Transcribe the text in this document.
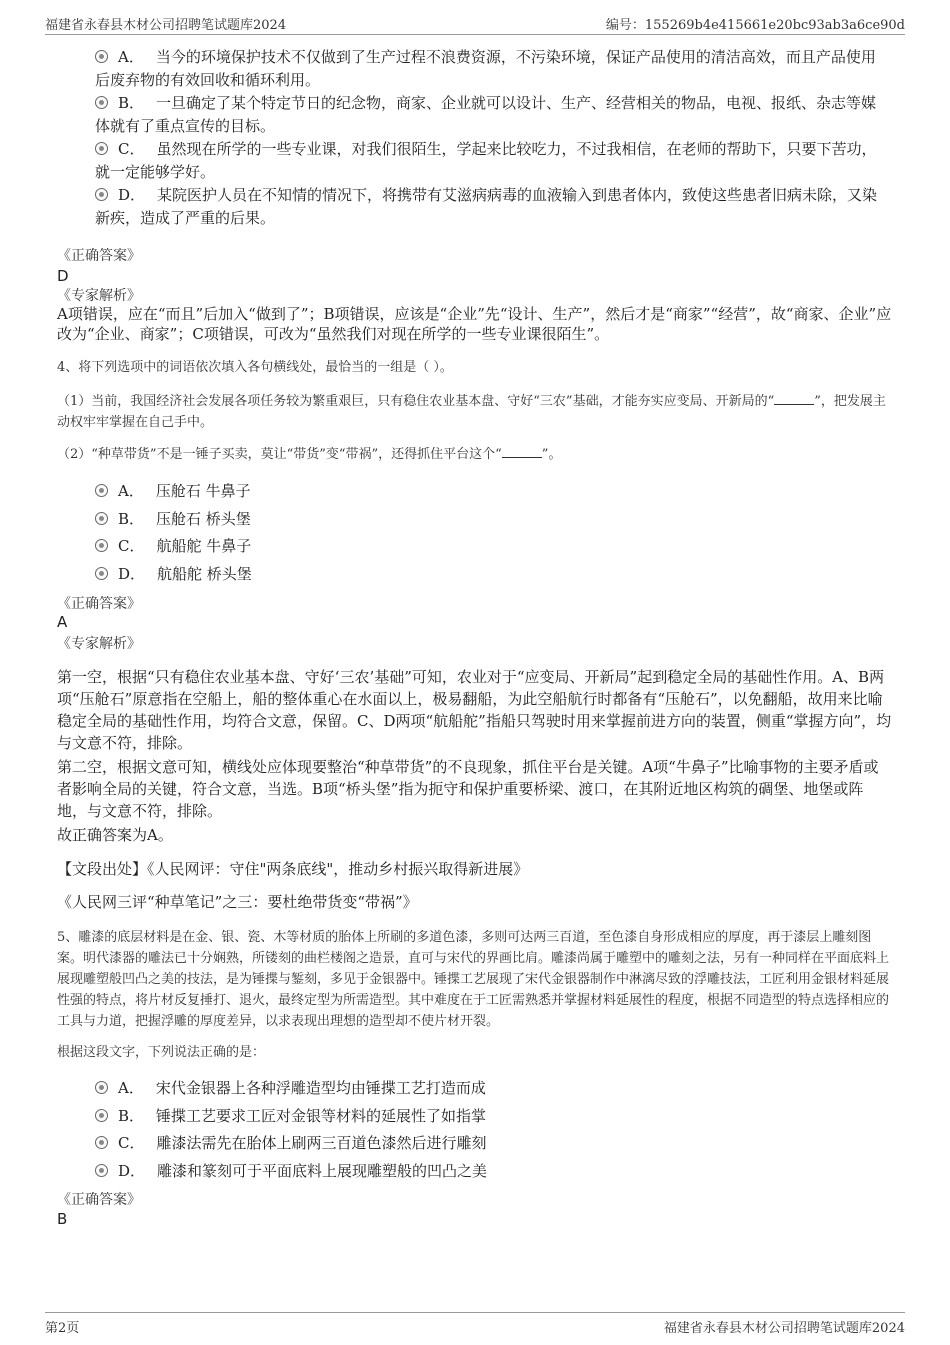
福建省永春县木材公司招聘笔试题库2024	编号：155269b4e415661e20bc93ab3a6ce90d
A． 当今的环境保护技术不仅做到了生产过程不浪费资源，不污染环境，保证产品使用的清洁高效，而且产品使用后废弃物的有效回收和循环利用。
B． 一旦确定了某个特定节日的纪念物，商家、企业就可以设计、生产、经营相关的物品，电视、报纸、杂志等媒体就有了重点宣传的目标。
C． 虽然现在所学的一些专业课，对我们很陌生，学起来比较吃力，不过我相信，在老师的帮助下，只要下苦功，就一定能够学好。
D． 某院医护人员在不知情的情况下，将携带有艾滋病病毒的血液输入到患者体内，致使这些患者旧病未除，又染新疾，造成了严重的后果。
《正确答案》
D
《专家解析》
A项错误，应在“而且”后加入“做到了”；B项错误，应该是“企业”先“设计、生产”，然后才是“商家”“经营”，故“商家、企业”应改为“企业、商家”；C项错误，可改为“虽然我们对现在所学的一些专业课很陌生”。
4、将下列选项中的词语依次填入各句横线处，最恰当的一组是（ ）。
（1）当前，我国经济社会发展各项任务较为繁重艰巨，只有稳住农业基本盘、守好“三农”基础，才能夯实应变局、开新局的“	”，把发展主动权牢牢掌握在自己手中。
（2）“种草带货”不是一锤子买卖，莫让“带货”变“带祸”，还得抓住平台这个“	”。
A． 压舱石 牛鼻子
B． 压舱石 桥头堡
C． 航船舵 牛鼻子
D． 航船舵 桥头堡
《正确答案》
A
《专家解析》
第一空，根据“只有稳住农业基本盘、守好‘三农’基础”可知，农业对于“应变局、开新局”起到稳定全局的基础性作用。A、B两项“压舱石”原意指在空船上，船的整体重心在水面以上，极易翻船，为此空船航行时都备有“压舱石”，以免翻船，故用来比喻稳定全局的基础性作用，均符合文意，保留。C、D两项“航船舵”指船只驾驶时用来掌握前进方向的装置，侧重“掌握方向”，均与文意不符，排除。
第二空，根据文意可知，横线处应体现要整治“种草带货”的不良现象，抓住平台是关键。A项“牛鼻子”比喻事物的主要矛盾或者影响全局的关键，符合文意，当选。B项“桥头堡”指为扼守和保护重要桥梁、渡口，在其附近地区构筑的碉堡、地堡或阵地，与文意不符，排除。
故正确答案为A。
【文段出处】《人民网评：守住"两条底线"，推动乡村振兴取得新进展》
《人民网三评“种草笔记”之三：要杜绝带货变“带祸”》
5、雕漆的底层材料是在金、银、瓷、木等材质的胎体上所刷的多道色漆，多则可达两三百道，至色漆自身形成相应的厚度，再于漆层上雕刻图案。明代漆器的雕法已十分娴熟，所镂刻的曲栏楼阁之造景，直可与宋代的界画比肩。雕漆尚属于雕塑中的雕刻之法，另有一种同样在平面底料上展现雕塑般凹凸之美的技法，是为锤揲与錾刻，多见于金银器中。锤揲工艺展现了宋代金银器制作中淋漓尽致的浮雕技法，工匠利用金银材料延展性强的特点，将片材反复捶打、退火，最终定型为所需造型。其中难度在于工匠需熟悉并掌握材料延展性的程度，根据不同造型的特点选择相应的工具与力道，把握浮雕的厚度差异，以求表现出理想的造型却不使片材开裂。
根据这段文字，下列说法正确的是：
A． 宋代金银器上各种浮雕造型均由锤揲工艺打造而成
B． 锤揲工艺要求工匠对金银等材料的延展性了如指掌
C． 雕漆法需先在胎体上刷两三百道色漆然后进行雕刻
D． 雕漆和篆刻可于平面底料上展现雕塑般的凹凸之美
《正确答案》
B
第2页	福建省永春县木材公司招聘笔试题库2024
